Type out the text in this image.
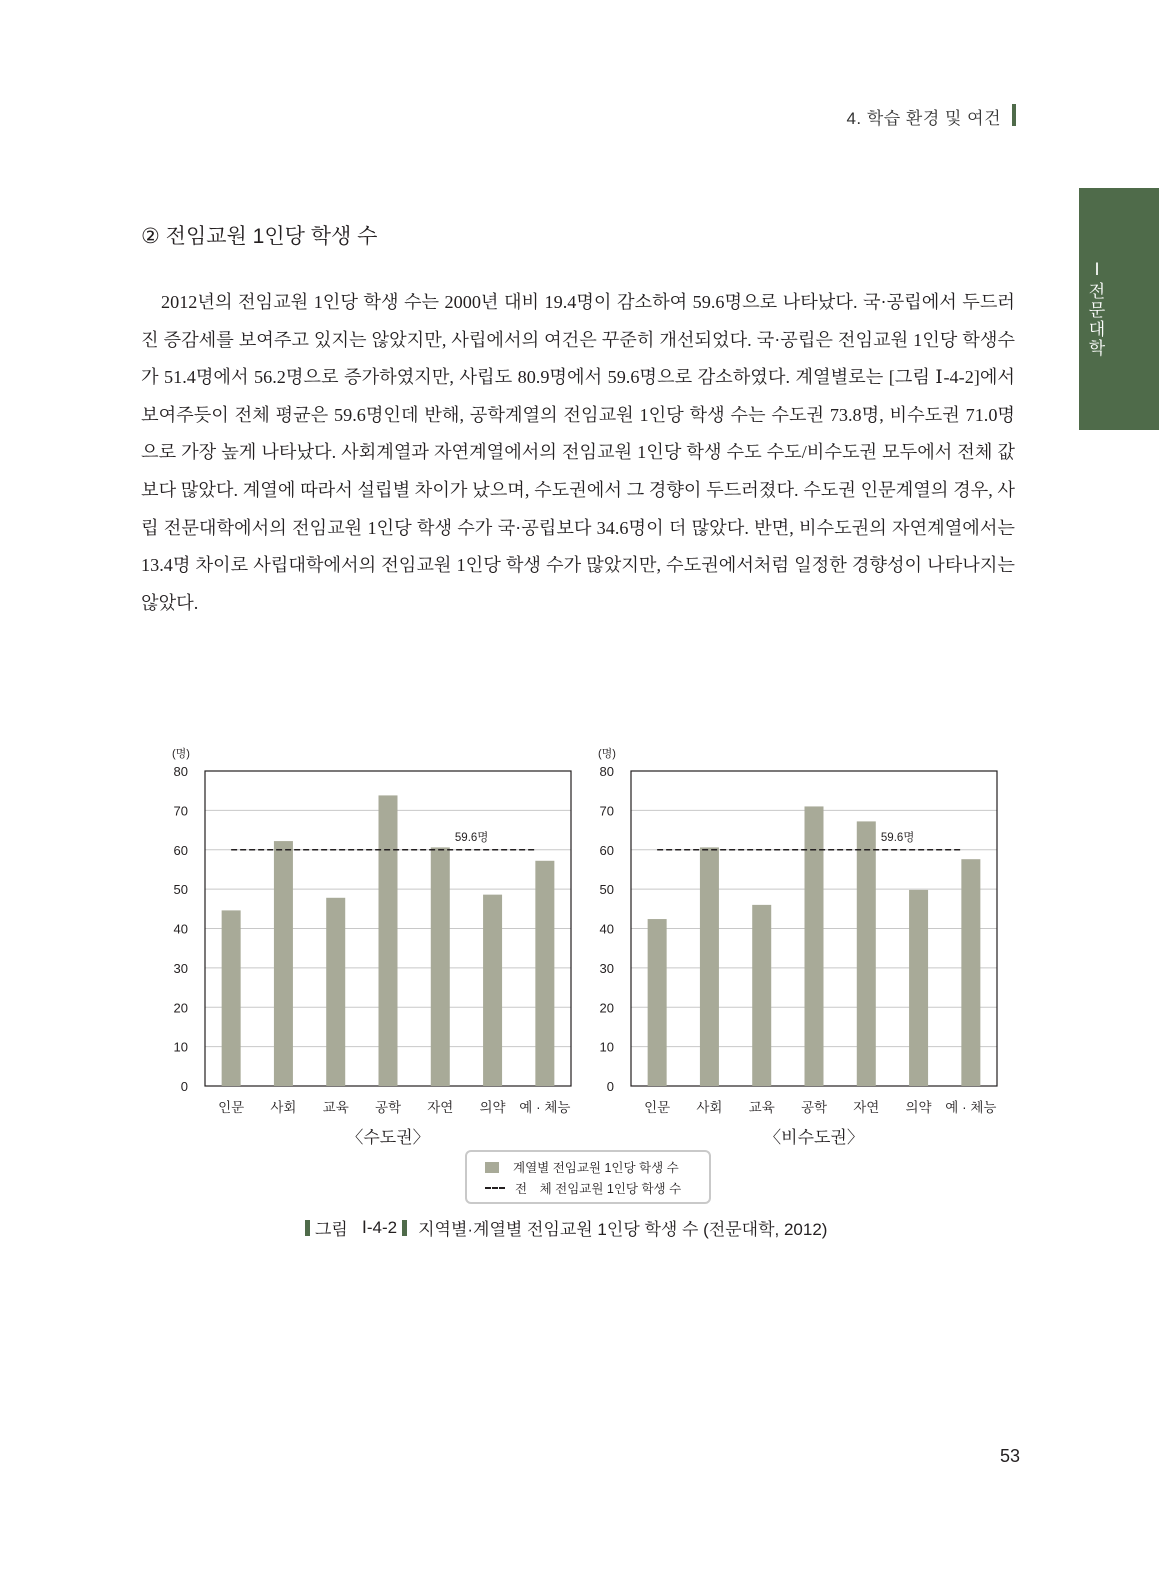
4. 학습 환경 및 여건
Ⅰ
전
문
대
학
② 전임교원 1인당 학생 수

2012년의 전임교원 1인당 학생 수는 2000년 대비 19.4명이 감소하여 59.6명으로 나타났다. 국·공립에서 두드러진 증감세를 보여주고 있지는 않았지만, 사립에서의 여건은 꾸준히 개선되었다. 국·공립은 전임교원 1인당 학생수가 51.4명에서 56.2명으로 증가하였지만, 사립도 80.9명에서 59.6명으로 감소하였다. 계열별로는 [그림 Ⅰ-4-2]에서 보여주듯이 전체 평균은 59.6명인데 반해, 공학계열의 전임교원 1인당 학생 수는 수도권 73.8명, 비수도권 71.0명으로 가장 높게 나타났다. 사회계열과 자연계열에서의 전임교원 1인당 학생 수도 수도/비수도권 모두에서 전체 값보다 많았다. 계열에 따라서 설립별 차이가 났으며, 수도권에서 그 경향이 두드러졌다. 수도권 인문계열의 경우, 사립 전문대학에서의 전임교원 1인당 학생 수가 국·공립보다 34.6명이 더 많았다. 반면, 비수도권의 자연계열에서는 13.4명 차이로 사립대학에서의 전임교원 1인당 학생 수가 많았지만, 수도권에서처럼 일정한 경향성이 나타나지는 않았다.

0
10
20
30
40
50
60
70
80
(명)
인문 사회 교육 공학 자연 의약 예 · 체능
59.6명
〈수도권〉
0
10
20
30
40
50
60
70
80
(명)
인문 사회 교육 공학 자연 의약 예 · 체능
59.6명
〈비수도권〉
계열별 전임교원 1인당 학생 수
전　체 전임교원 1인당 학생 수
그림 Ⅰ-4-2 지역별·계열별 전임교원 1인당 학생 수 (전문대학, 2012)
53
